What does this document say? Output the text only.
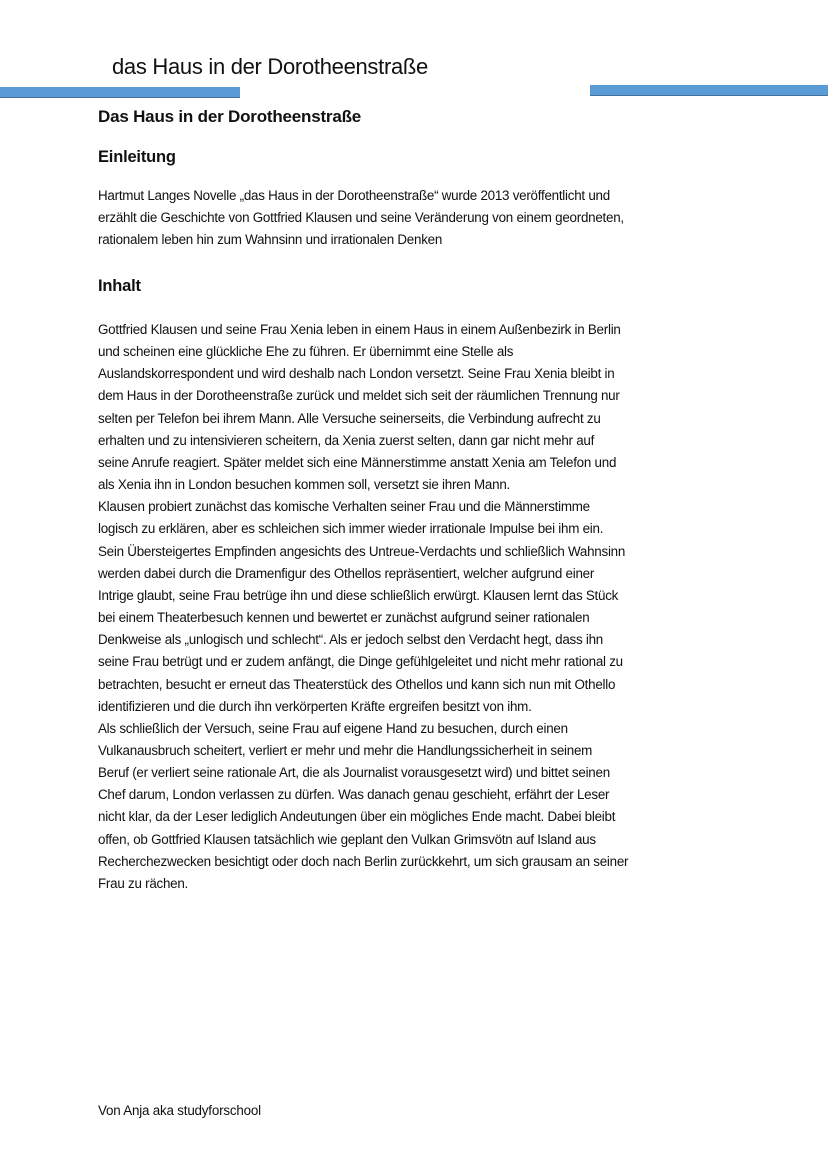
das Haus in der Dorotheenstraße
Das Haus in der Dorotheenstraße
Einleitung
Hartmut Langes Novelle „das Haus in der Dorotheenstraße“ wurde 2013 veröffentlicht und
erzählt die Geschichte von Gottfried Klausen und seine Veränderung von einem geordneten,
rationalem leben hin zum Wahnsinn und irrationalen Denken
Inhalt
Gottfried Klausen und seine Frau Xenia leben in einem Haus in einem Außenbezirk in Berlin
und scheinen eine glückliche Ehe zu führen. Er übernimmt eine Stelle als
Auslandskorrespondent und wird deshalb nach London versetzt. Seine Frau Xenia bleibt in
dem Haus in der Dorotheenstraße zurück und meldet sich seit der räumlichen Trennung nur
selten per Telefon bei ihrem Mann. Alle Versuche seinerseits, die Verbindung aufrecht zu
erhalten und zu intensivieren scheitern, da Xenia zuerst selten, dann gar nicht mehr auf
seine Anrufe reagiert. Später meldet sich eine Männerstimme anstatt Xenia am Telefon und
als Xenia ihn in London besuchen kommen soll, versetzt sie ihren Mann.
Klausen probiert zunächst das komische Verhalten seiner Frau und die Männerstimme
logisch zu erklären, aber es schleichen sich immer wieder irrationale Impulse bei ihm ein.
Sein Übersteigertes Empfinden angesichts des Untreue-Verdachts und schließlich Wahnsinn
werden dabei durch die Dramenfigur des Othellos repräsentiert, welcher aufgrund einer
Intrige glaubt, seine Frau betrüge ihn und diese schließlich erwürgt. Klausen lernt das Stück
bei einem Theaterbesuch kennen und bewertet er zunächst aufgrund seiner rationalen
Denkweise als „unlogisch und schlecht“. Als er jedoch selbst den Verdacht hegt, dass ihn
seine Frau betrügt und er zudem anfängt, die Dinge gefühlgeleitet und nicht mehr rational zu
betrachten, besucht er erneut das Theaterstück des Othellos und kann sich nun mit Othello
identifizieren und die durch ihn verkörperten Kräfte ergreifen besitzt von ihm.
Als schließlich der Versuch, seine Frau auf eigene Hand zu besuchen, durch einen
Vulkanausbruch scheitert, verliert er mehr und mehr die Handlungssicherheit in seinem
Beruf (er verliert seine rationale Art, die als Journalist vorausgesetzt wird) und bittet seinen
Chef darum, London verlassen zu dürfen. Was danach genau geschieht, erfährt der Leser
nicht klar, da der Leser lediglich Andeutungen über ein mögliches Ende macht. Dabei bleibt
offen, ob Gottfried Klausen tatsächlich wie geplant den Vulkan Grimsvötn auf Island aus
Recherchezwecken besichtigt oder doch nach Berlin zurückkehrt, um sich grausam an seiner
Frau zu rächen.
Von Anja aka studyforschool
